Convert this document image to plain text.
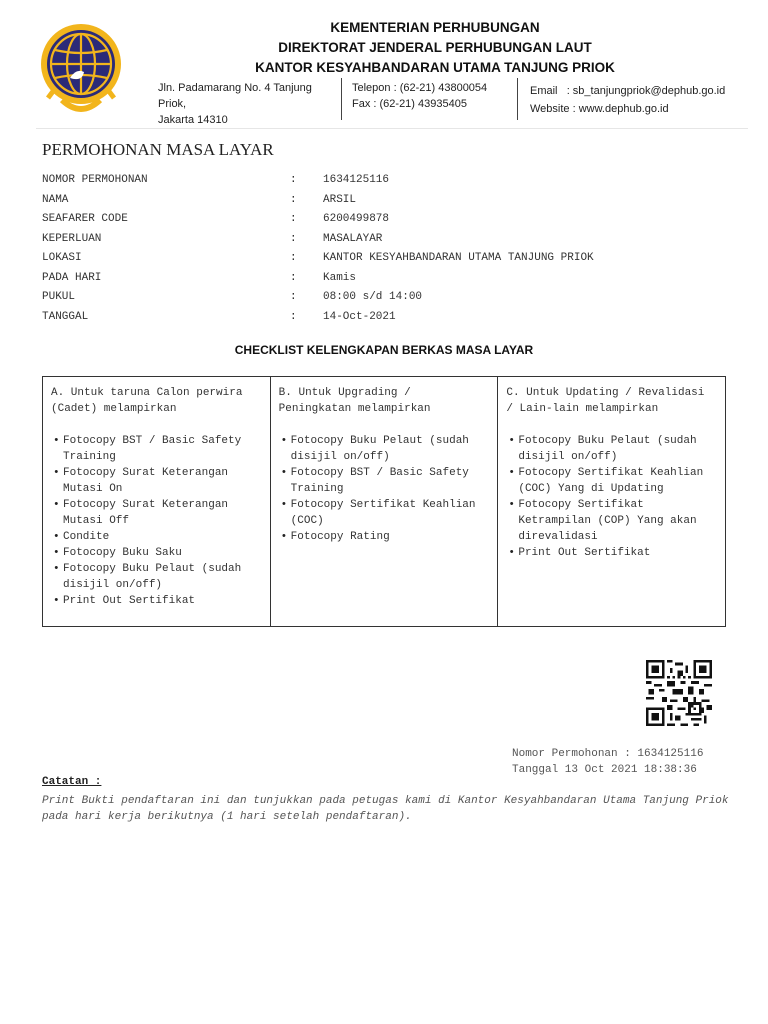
KEMENTERIAN PERHUBUNGAN
DIREKTORAT JENDERAL PERHUBUNGAN LAUT
KANTOR KESYAHBANDARAN UTAMA TANJUNG PRIOK
Jln. Padamarang No. 4 Tanjung Priok,
Jakarta 14310
Telepon : (62-21) 43800054
Fax : (62-21) 43935405
Email : sb_tanjungpriok@dephub.go.id
Website : www.dephub.go.id
PERMOHONAN MASA LAYAR
NOMOR PERMOHONAN	: 1634125116
NAMA	: ARSIL
SEAFARER CODE	: 6200499878
KEPERLUAN	: MASALAYAR
LOKASI	: KANTOR KESYAHBANDARAN UTAMA TANJUNG PRIOK
PADA HARI	: Kamis
PUKUL	: 08:00 s/d 14:00
TANGGAL	: 14-Oct-2021
CHECKLIST KELENGKAPAN BERKAS MASA LAYAR
A. Untuk taruna Calon perwira (Cadet) melampirkan
• Fotocopy BST / Basic Safety Training
• Fotocopy Surat Keterangan Mutasi On
• Fotocopy Surat Keterangan Mutasi Off
• Condite
• Fotocopy Buku Saku
• Fotocopy Buku Pelaut (sudah disijil on/off)
• Print Out Sertifikat
B. Untuk Upgrading / Peningkatan melampirkan
• Fotocopy Buku Pelaut (sudah disijil on/off)
• Fotocopy BST / Basic Safety Training
• Fotocopy Sertifikat Keahlian (COC)
• Fotocopy Rating
C. Untuk Updating / Revalidasi / Lain-lain melampirkan
• Fotocopy Buku Pelaut (sudah disijil on/off)
• Fotocopy Sertifikat Keahlian (COC) Yang di Updating
• Fotocopy Sertifikat Ketrampilan (COP) Yang akan direvalidasi
• Print Out Sertifikat
Nomor Permohonan : 1634125116
Tanggal 13 Oct 2021 18:38:36
Catatan :
Print Bukti pendaftaran ini dan tunjukkan pada petugas kami di Kantor Kesyahbandaran Utama Tanjung Priok pada hari kerja berikutnya (1 hari setelah pendaftaran).
